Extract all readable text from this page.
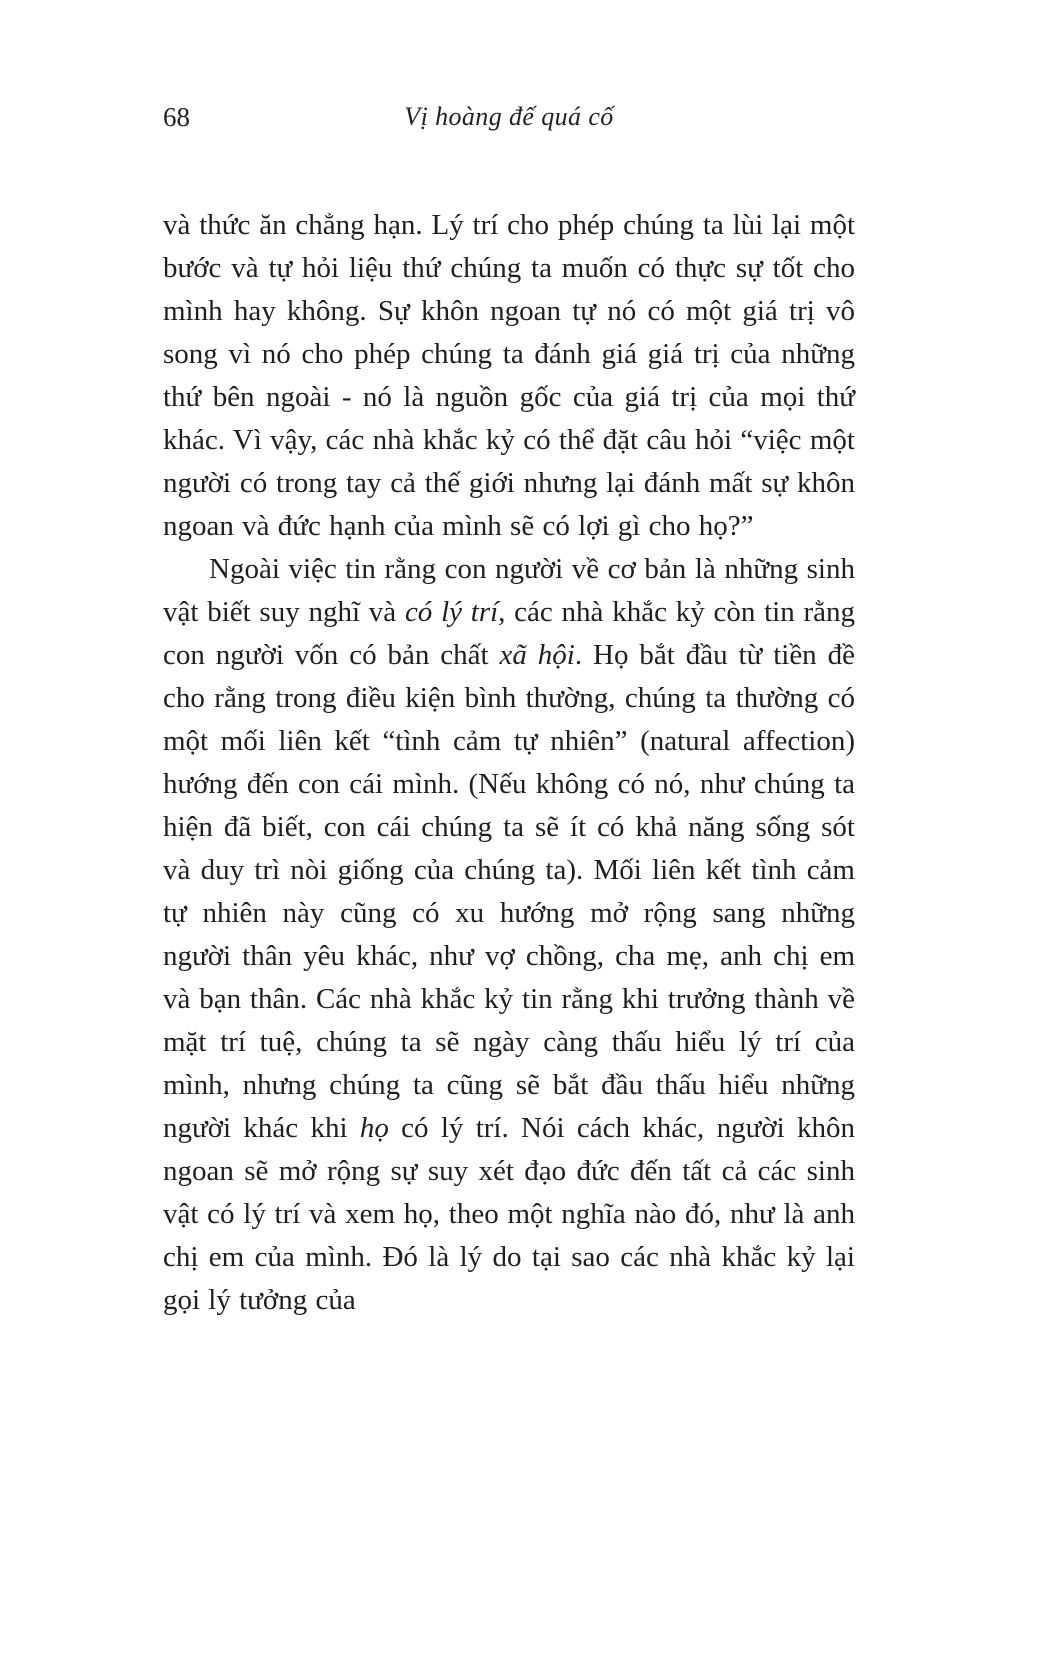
68	Vị hoàng đế quá cố

và thức ăn chẳng hạn. Lý trí cho phép chúng ta lùi lại một bước và tự hỏi liệu thứ chúng ta muốn có thực sự tốt cho mình hay không. Sự khôn ngoan tự nó có một giá trị vô song vì nó cho phép chúng ta đánh giá giá trị của những thứ bên ngoài - nó là nguồn gốc của giá trị của mọi thứ khác. Vì vậy, các nhà khắc kỷ có thể đặt câu hỏi “việc một người có trong tay cả thế giới nhưng lại đánh mất sự khôn ngoan và đức hạnh của mình sẽ có lợi gì cho họ?”

Ngoài việc tin rằng con người về cơ bản là những sinh vật biết suy nghĩ và có lý trí, các nhà khắc kỷ còn tin rằng con người vốn có bản chất xã hội. Họ bắt đầu từ tiền đề cho rằng trong điều kiện bình thường, chúng ta thường có một mối liên kết “tình cảm tự nhiên” (natural affection) hướng đến con cái mình. (Nếu không có nó, như chúng ta hiện đã biết, con cái chúng ta sẽ ít có khả năng sống sót và duy trì nòi giống của chúng ta). Mối liên kết tình cảm tự nhiên này cũng có xu hướng mở rộng sang những người thân yêu khác, như vợ chồng, cha mẹ, anh chị em và bạn thân. Các nhà khắc kỷ tin rằng khi trưởng thành về mặt trí tuệ, chúng ta sẽ ngày càng thấu hiểu lý trí của mình, nhưng chúng ta cũng sẽ bắt đầu thấu hiểu những người khác khi họ có lý trí. Nói cách khác, người khôn ngoan sẽ mở rộng sự suy xét đạo đức đến tất cả các sinh vật có lý trí và xem họ, theo một nghĩa nào đó, như là anh chị em của mình. Đó là lý do tại sao các nhà khắc kỷ lại gọi lý tưởng của
